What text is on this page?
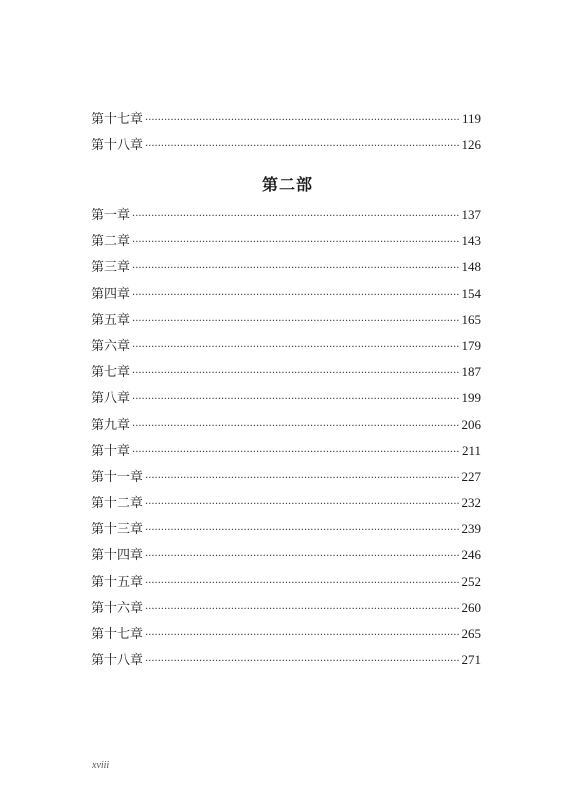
第十七章 ·····	119
第十八章 ·····	126
第二部
第一章 ·····	137
第二章 ·····	143
第三章 ·····	148
第四章 ·····	154
第五章 ·····	165
第六章 ·····	179
第七章 ·····	187
第八章 ·····	199
第九章 ·····	206
第十章 ·····	211
第十一章 ·····	227
第十二章 ·····	232
第十三章 ·····	239
第十四章 ·····	246
第十五章 ·····	252
第十六章 ·····	260
第十七章 ·····	265
第十八章 ·····	271
xviii
